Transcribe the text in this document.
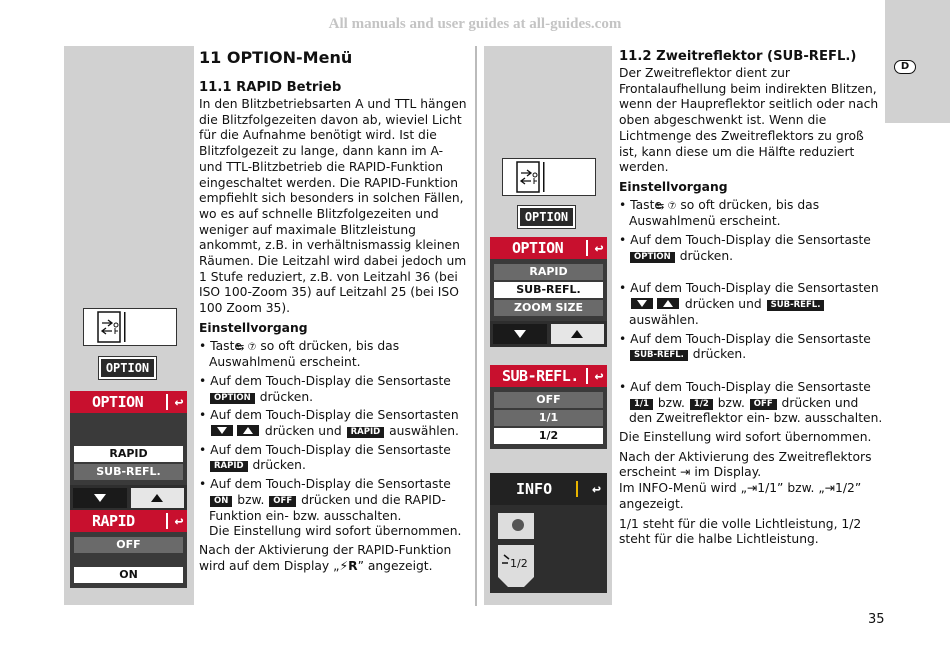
All manuals and user guides at all-guides.com
D
OPTION
OPTION ↩
RAPID
SUB-REFL.
RAPID	↩
OFF
ON
OPTION
OPTION ↩
RAPID
SUB-REFL.
ZOOM SIZE
SUB-REFL. ↩
OFF
1/1
1/2
INFO	↩
1/2
11 OPTION-Menü
11.1 RAPID Betrieb

In den Blitzbetriebsarten A und TTL hängen die Blitzfolgezeiten davon ab, wieviel Licht für die Aufnahme benötigt wird. Ist die Blitzfolgezeit zu lange, dann kann im A- und TTL-Blitzbetrieb die RAPID-Funktion eingeschaltet werden. Die RAPID-Funktion empfiehlt sich besonders in solchen Fällen, wo es auf schnelle Blitzfolgezeiten und weniger auf maximale Blitzleistung ankommt, z.B. in verhältnismassig kleinen Räumen. Die Leitzahl wird dabei jedoch um 1 Stufe reduziert, z.B. von Leitzahl 36 (bei ISO 100-Zoom 35) auf Leitzahl 25 (bei ISO 100 Zoom 35).

Einstellvorgang

• Taste ⇆ ⑦ so oft drücken, bis das Auswahlmenü erscheint.

• Auf dem Touch-Display die Sensortaste OPTION drücken.

• Auf dem Touch-Display die Sensortasten  drücken und RAPID auswählen.

• Auf dem Touch-Display die Sensortaste RAPID drücken.

• Auf dem Touch-Display die Sensortaste ON bzw. OFF drücken und die RAPID-Funktion ein- bzw. ausschalten.
Die Einstellung wird sofort übernommen.

Nach der Aktivierung der RAPID-Funktion wird auf dem Display „⚡R” angezeigt.

11.2 Zweitreflektor (SUB-REFL.)

Der Zweitreflektor dient zur Frontalaufhellung beim indirekten Blitzen, wenn der Haupreflektor seitlich oder nach oben abgeschwenkt ist. Wenn die Lichtmenge des Zweitreflektors zu groß ist, kann diese um die Hälfte reduziert werden.

Einstellvorgang

• Taste ⇆ ⑦ so oft drücken, bis das Auswahlmenü erscheint.

• Auf dem Touch-Display die Sensortaste OPTION drücken.

• Auf dem Touch-Display die Sensortasten  drücken und SUB-REFL. auswählen.

• Auf dem Touch-Display die Sensortaste SUB-REFL. drücken.

• Auf dem Touch-Display die Sensortaste 1/1 bzw. 1/2 bzw. OFF drücken und den Zweitreflektor ein- bzw. ausschalten.

Die Einstellung wird sofort übernommen.

Nach der Aktivierung des Zweitreflektors erscheint ⇥ im Display.
Im INFO-Menü wird „⇥1/1” bzw. „⇥1/2” angezeigt.

1/1 steht für die volle Lichtleistung, 1/2 steht für die halbe Lichtleistung.

35
